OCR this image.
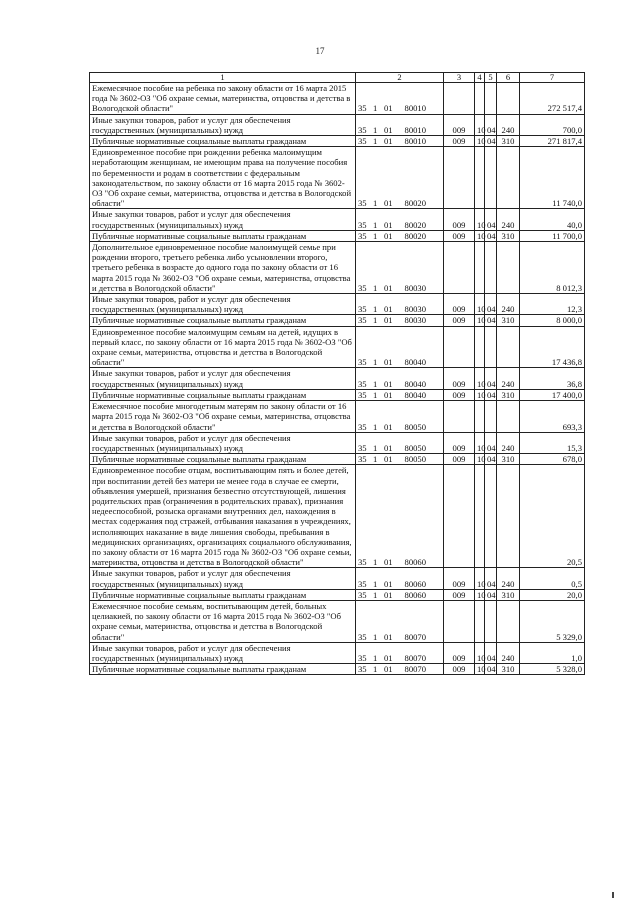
17
1	2	3	4	5	6	7
Ежемесячное пособие на ребенка по закону области от 16 марта 2015 года № 3602-ОЗ "Об охране семьи, материнства, отцовства и детства в Вологодской области"	35 1 01 80010					272 517,4
Иные закупки товаров, работ и услуг для обеспечения государственных (муниципальных) нужд	35 1 01 80010	009	10	04	240	700,0
Публичные нормативные социальные выплаты гражданам	35 1 01 80010	009	10	04	310	271 817,4
Единовременное пособие при рождении ребенка малоимущим неработающим женщинам, не имеющим права на получение пособия по беременности и родам в соответствии с федеральным законодательством, по закону области от 16 марта 2015 года № 3602-ОЗ "Об охране семьи, материнства, отцовства и детства в Вологодской области"	35 1 01 80020					11 740,0
Иные закупки товаров, работ и услуг для обеспечения государственных (муниципальных) нужд	35 1 01 80020	009	10	04	240	40,0
Публичные нормативные социальные выплаты гражданам	35 1 01 80020	009	10	04	310	11 700,0
Дополнительное единовременное пособие малоимущей семье при рождении второго, третьего ребенка либо усыновлении второго, третьего ребенка в возрасте до одного года по закону области от 16 марта 2015 года № 3602-ОЗ "Об охране семьи, материнства, отцовства и детства в Вологодской области"	35 1 01 80030					8 012,3
Иные закупки товаров, работ и услуг для обеспечения государственных (муниципальных) нужд	35 1 01 80030	009	10	04	240	12,3
Публичные нормативные социальные выплаты гражданам	35 1 01 80030	009	10	04	310	8 000,0
Единовременное пособие малоимущим семьям на детей, идущих в первый класс, по закону области от 16 марта 2015 года № 3602-ОЗ "Об охране семьи, материнства, отцовства и детства в Вологодской области"	35 1 01 80040					17 436,8
Иные закупки товаров, работ и услуг для обеспечения государственных (муниципальных) нужд	35 1 01 80040	009	10	04	240	36,8
Публичные нормативные социальные выплаты гражданам	35 1 01 80040	009	10	04	310	17 400,0
Ежемесячное пособие многодетным матерям по закону области от 16 марта 2015 года № 3602-ОЗ "Об охране семьи, материнства, отцовства и детства в Вологодской области"	35 1 01 80050					693,3
Иные закупки товаров, работ и услуг для обеспечения государственных (муниципальных) нужд	35 1 01 80050	009	10	04	240	15,3
Публичные нормативные социальные выплаты гражданам	35 1 01 80050	009	10	04	310	678,0
Единовременное пособие отцам, воспитывающим пять и более детей, при воспитании детей без матери не менее года в случае ее смерти, объявления умершей, признания безвестно отсутствующей, лишения родительских прав (ограничения в родительских правах), признания недееспособной, розыска органами внутренних дел, нахождения в местах содержания под стражей, отбывания наказания в учреждениях, исполняющих наказание в виде лишения свободы, пребывания в медицинских организациях, организациях социального обслуживания, по закону области от 16 марта 2015 года № 3602-ОЗ "Об охране семьи, материнства, отцовства и детства в Вологодской области"	35 1 01 80060					20,5
Иные закупки товаров, работ и услуг для обеспечения государственных (муниципальных) нужд	35 1 01 80060	009	10	04	240	0,5
Публичные нормативные социальные выплаты гражданам	35 1 01 80060	009	10	04	310	20,0
Ежемесячное пособие семьям, воспитывающим детей, больных целиакией, по закону области от 16 марта 2015 года № 3602-ОЗ "Об охране семьи, материнства, отцовства и детства в Вологодской области"	35 1 01 80070					5 329,0
Иные закупки товаров, работ и услуг для обеспечения государственных (муниципальных) нужд	35 1 01 80070	009	10	04	240	1,0
Публичные нормативные социальные выплаты гражданам	35 1 01 80070	009	10	04	310	5 328,0
